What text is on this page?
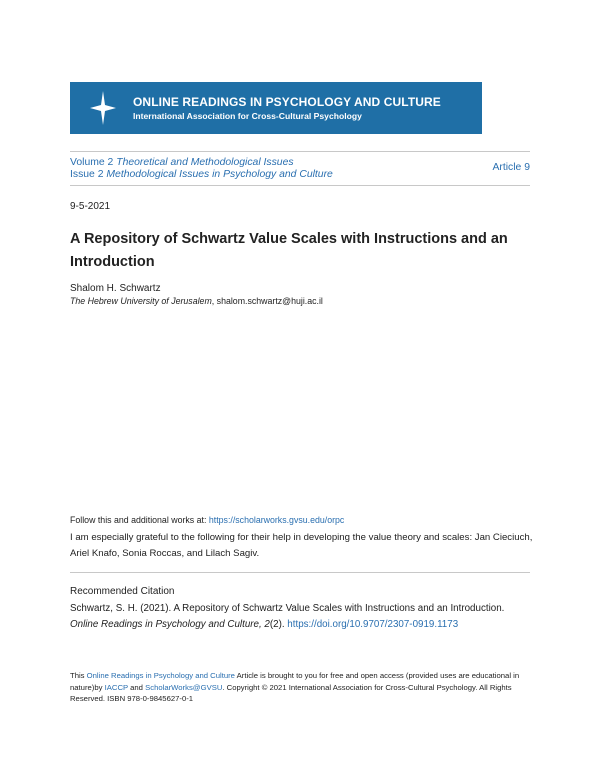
ONLINE READINGS IN PSYCHOLOGY AND CULTURE
International Association for Cross-Cultural Psychology
Volume 2 Theoretical and Methodological Issues
Issue 2 Methodological Issues in Psychology and Culture
Article 9
9-5-2021
A Repository of Schwartz Value Scales with Instructions and an Introduction
Shalom H. Schwartz
The Hebrew University of Jerusalem, shalom.schwartz@huji.ac.il
Follow this and additional works at: https://scholarworks.gvsu.edu/orpc
I am especially grateful to the following for their help in developing the value theory and scales: Jan Cieciuch, Ariel Knafo, Sonia Roccas, and Lilach Sagiv.
Recommended Citation
Schwartz, S. H. (2021). A Repository of Schwartz Value Scales with Instructions and an Introduction. Online Readings in Psychology and Culture, 2(2). https://doi.org/10.9707/2307-0919.1173
This Online Readings in Psychology and Culture Article is brought to you for free and open access (provided uses are educational in nature)by IACCP and ScholarWorks@GVSU. Copyright © 2021 International Association for Cross-Cultural Psychology. All Rights Reserved. ISBN 978-0-9845627-0-1
